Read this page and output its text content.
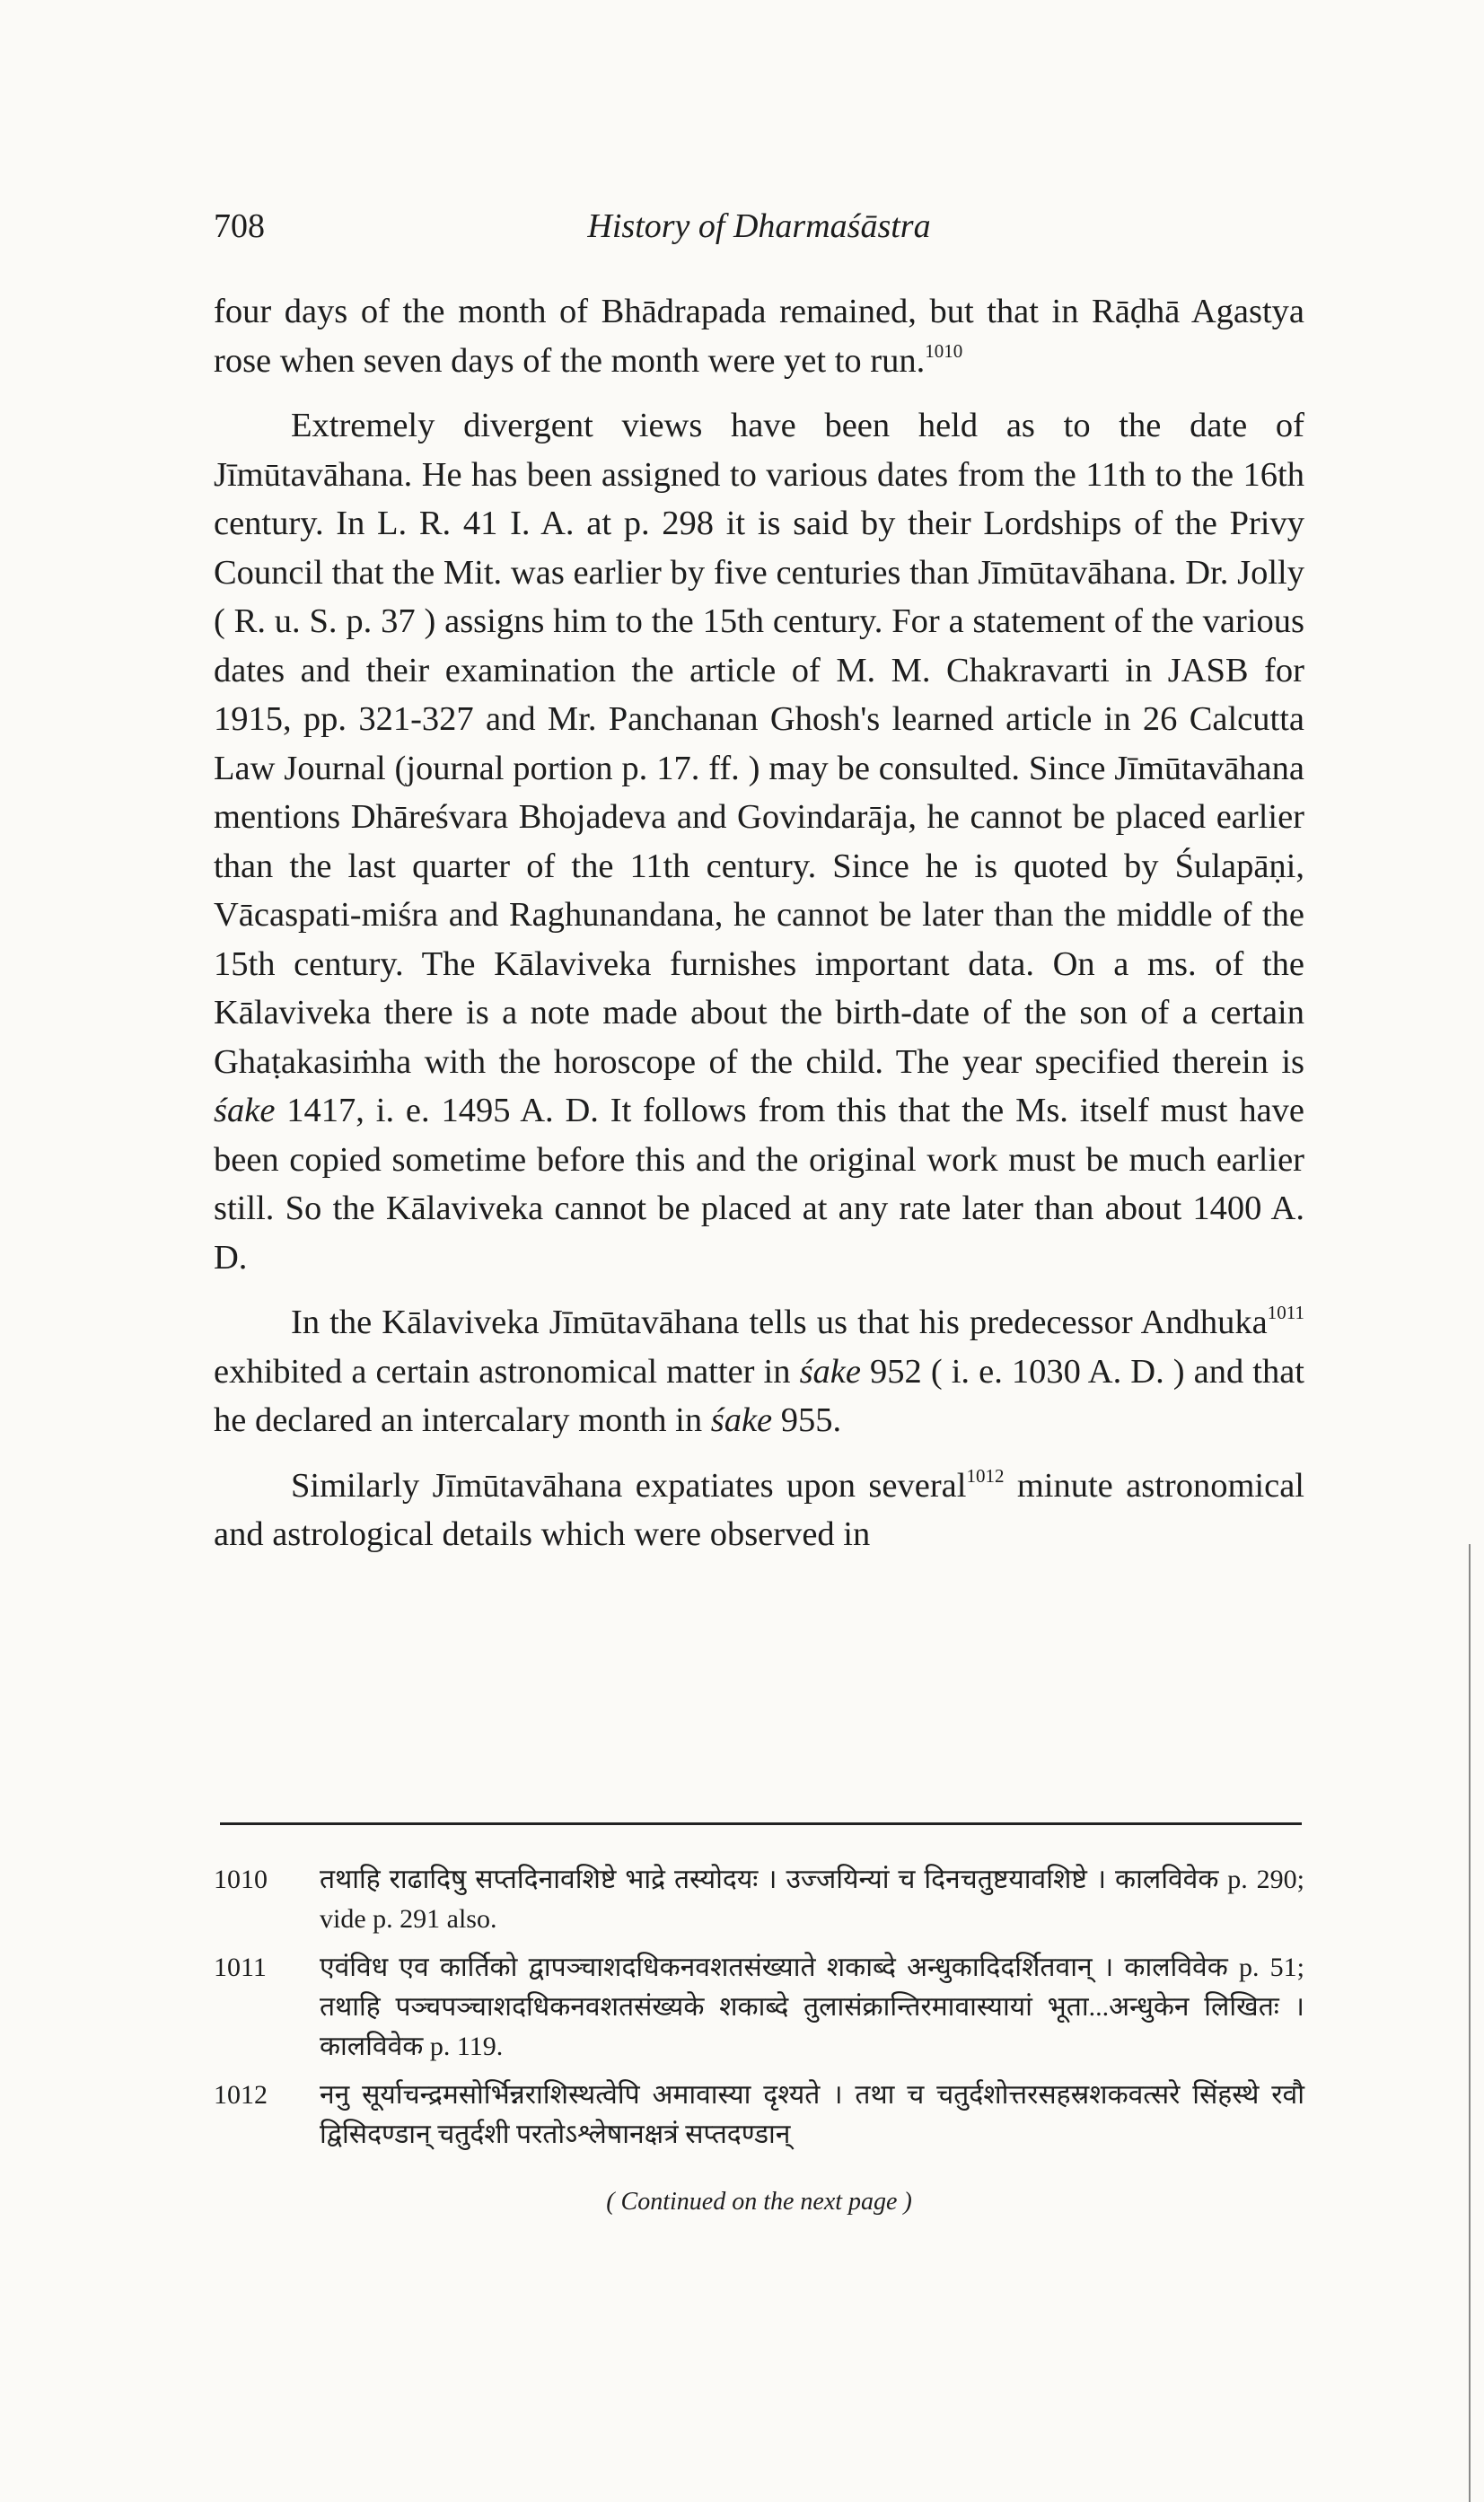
708	History of Dharmaśāstra

four days of the month of Bhādrapada remained, but that in Rāḍhā Agastya rose when seven days of the month were yet to run.$^{1010}$

Extremely divergent views have been held as to the date of Jīmūtavāhana. He has been assigned to various dates from the 11th to the 16th century. In L. R. 41 I. A. at p. 298 it is said by their Lordships of the Privy Council that the Mit. was earlier by five centuries than Jīmūtavāhana. Dr. Jolly ( R. u. S. p. 37 ) assigns him to the 15th century. For a statement of the various dates and their examination the article of M. M. Chakravarti in JASB for 1915, pp. 321-327 and Mr. Panchanan Ghosh's learned article in 26 Calcutta Law Journal (journal portion p. 17. ff. ) may be consulted. Since Jīmūtavāhana mentions Dhāreśvara Bhojadeva and Govindarāja, he cannot be placed earlier than the last quarter of the 11th century. Since he is quoted by Śulapāṇi, Vācaspati-miśra and Raghunandana, he cannot be later than the middle of the 15th century. The Kālaviveka furnishes important data. On a ms. of the Kālaviveka there is a note made about the birth-date of the son of a certain Ghaṭakasiṁha with the horoscope of the child. The year specified therein is śake 1417, i. e. 1495 A. D. It follows from this that the Ms. itself must have been copied sometime before this and the original work must be much earlier still. So the Kālaviveka cannot be placed at any rate later than about 1400 A. D.

In the Kālaviveka Jīmūtavāhana tells us that his predecessor Andhuka$^{1011}$ exhibited a certain astronomical matter in śake 952 ( i. e. 1030 A. D. ) and that he declared an intercalary month in śake 955.

Similarly Jīmūtavāhana expatiates upon several$^{1012}$ minute astronomical and astrological details which were observed in

1010 तथाहि राढादिषु सप्तदिनावशिष्टे भाद्रे तस्योदयः । उज्जयिन्यां च दिनचतुष्टयावशिष्टे । कालविवेक p. 290; vide p. 291 also.
1011 एवंविध एव कार्तिको द्वापञ्चाशदधिकनवशतसंख्याते शकाब्दे अन्धुकादिदर्शितवान् । कालविवेक p. 51; तथाहि पञ्चपञ्चाशदधिकनवशतसंख्यके शकाब्दे तुलासंक्रान्तिरमावास्यायां भूता...अन्धुकेन लिखितः । कालविवेक p. 119.
1012 ननु सूर्याचन्द्रमसोर्भिन्नराशिस्थत्वेपि अमावास्या दृश्यते । तथा च चतुर्दशोत्तरसहस्रशकवत्सरे सिंहस्थे रवौ द्विसिदण्डान् चतुर्दशी परतोऽश्लेषानक्षत्रं सप्तदण्डान्
( Continued on the next page )
